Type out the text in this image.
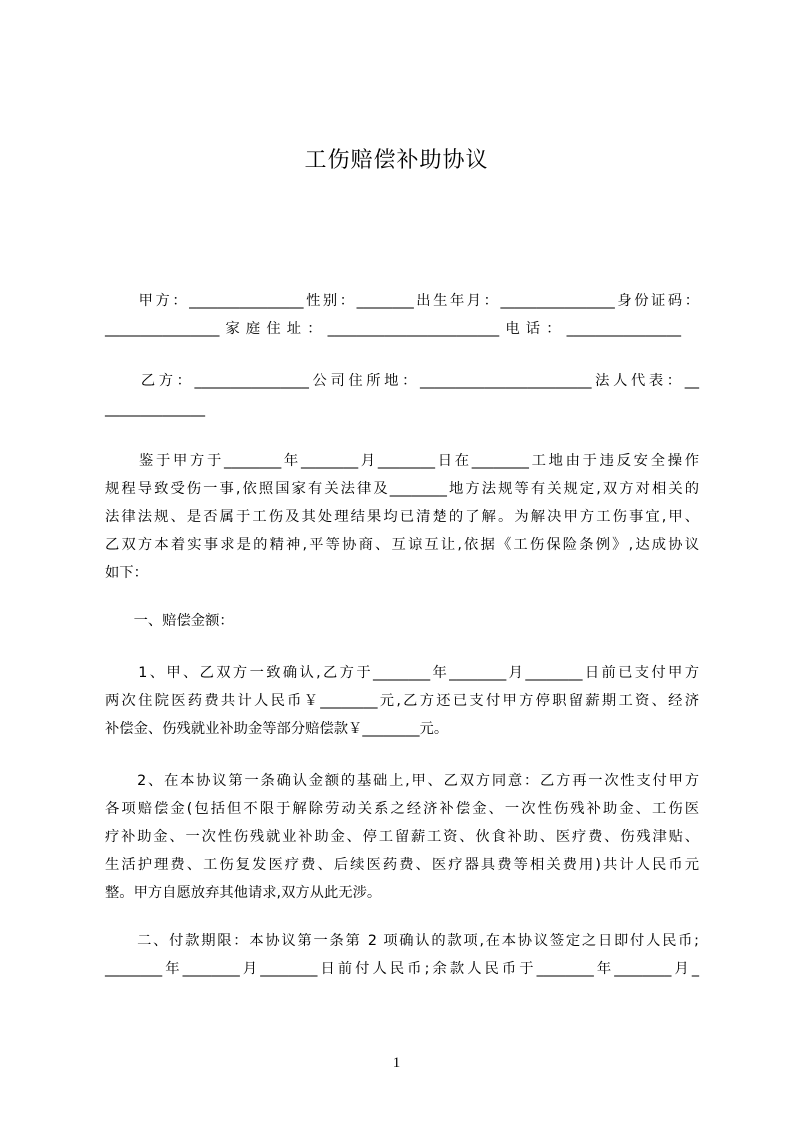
工伤赔偿补助协议
　　甲方：________________性别：________出生年月：________________身份证码：
________________家庭住址：________________________电话：________________
　　乙方：________________公司住所地：________________________法人代表：__
______________
　　鉴于甲方于________年________月________日在________工地由于违反安全操作
规程导致受伤一事,依照国家有关法律及________地方法规等有关规定,双方对相关的
法律法规、是否属于工伤及其处理结果均已清楚的了解。为解决甲方工伤事宜,甲、
乙双方本着实事求是的精神,平等协商、互谅互让,依据《工伤保险条例》,达成协议
如下：
　　一、赔偿金额：
　　1、甲、乙双方一致确认,乙方于________年________月________日前已支付甲方
两次住院医药费共计人民币￥________元,乙方还已支付甲方停职留薪期工资、经济
补偿金、伤残就业补助金等部分赔偿款￥________元。
　　2、在本协议第一条确认金额的基础上,甲、乙双方同意：乙方再一次性支付甲方
各项赔偿金(包括但不限于解除劳动关系之经济补偿金、一次性伤残补助金、工伤医
疗补助金、一次性伤残就业补助金、停工留薪工资、伙食补助、医疗费、伤残津贴、
生活护理费、工伤复发医疗费、后续医药费、医疗器具费等相关费用)共计人民币元
整。甲方自愿放弃其他请求,双方从此无涉。
　　二、付款期限：本协议第一条第 2 项确认的款项,在本协议签定之日即付人民币;
________年________月________日前付人民币;余款人民币于________年________月_
1
